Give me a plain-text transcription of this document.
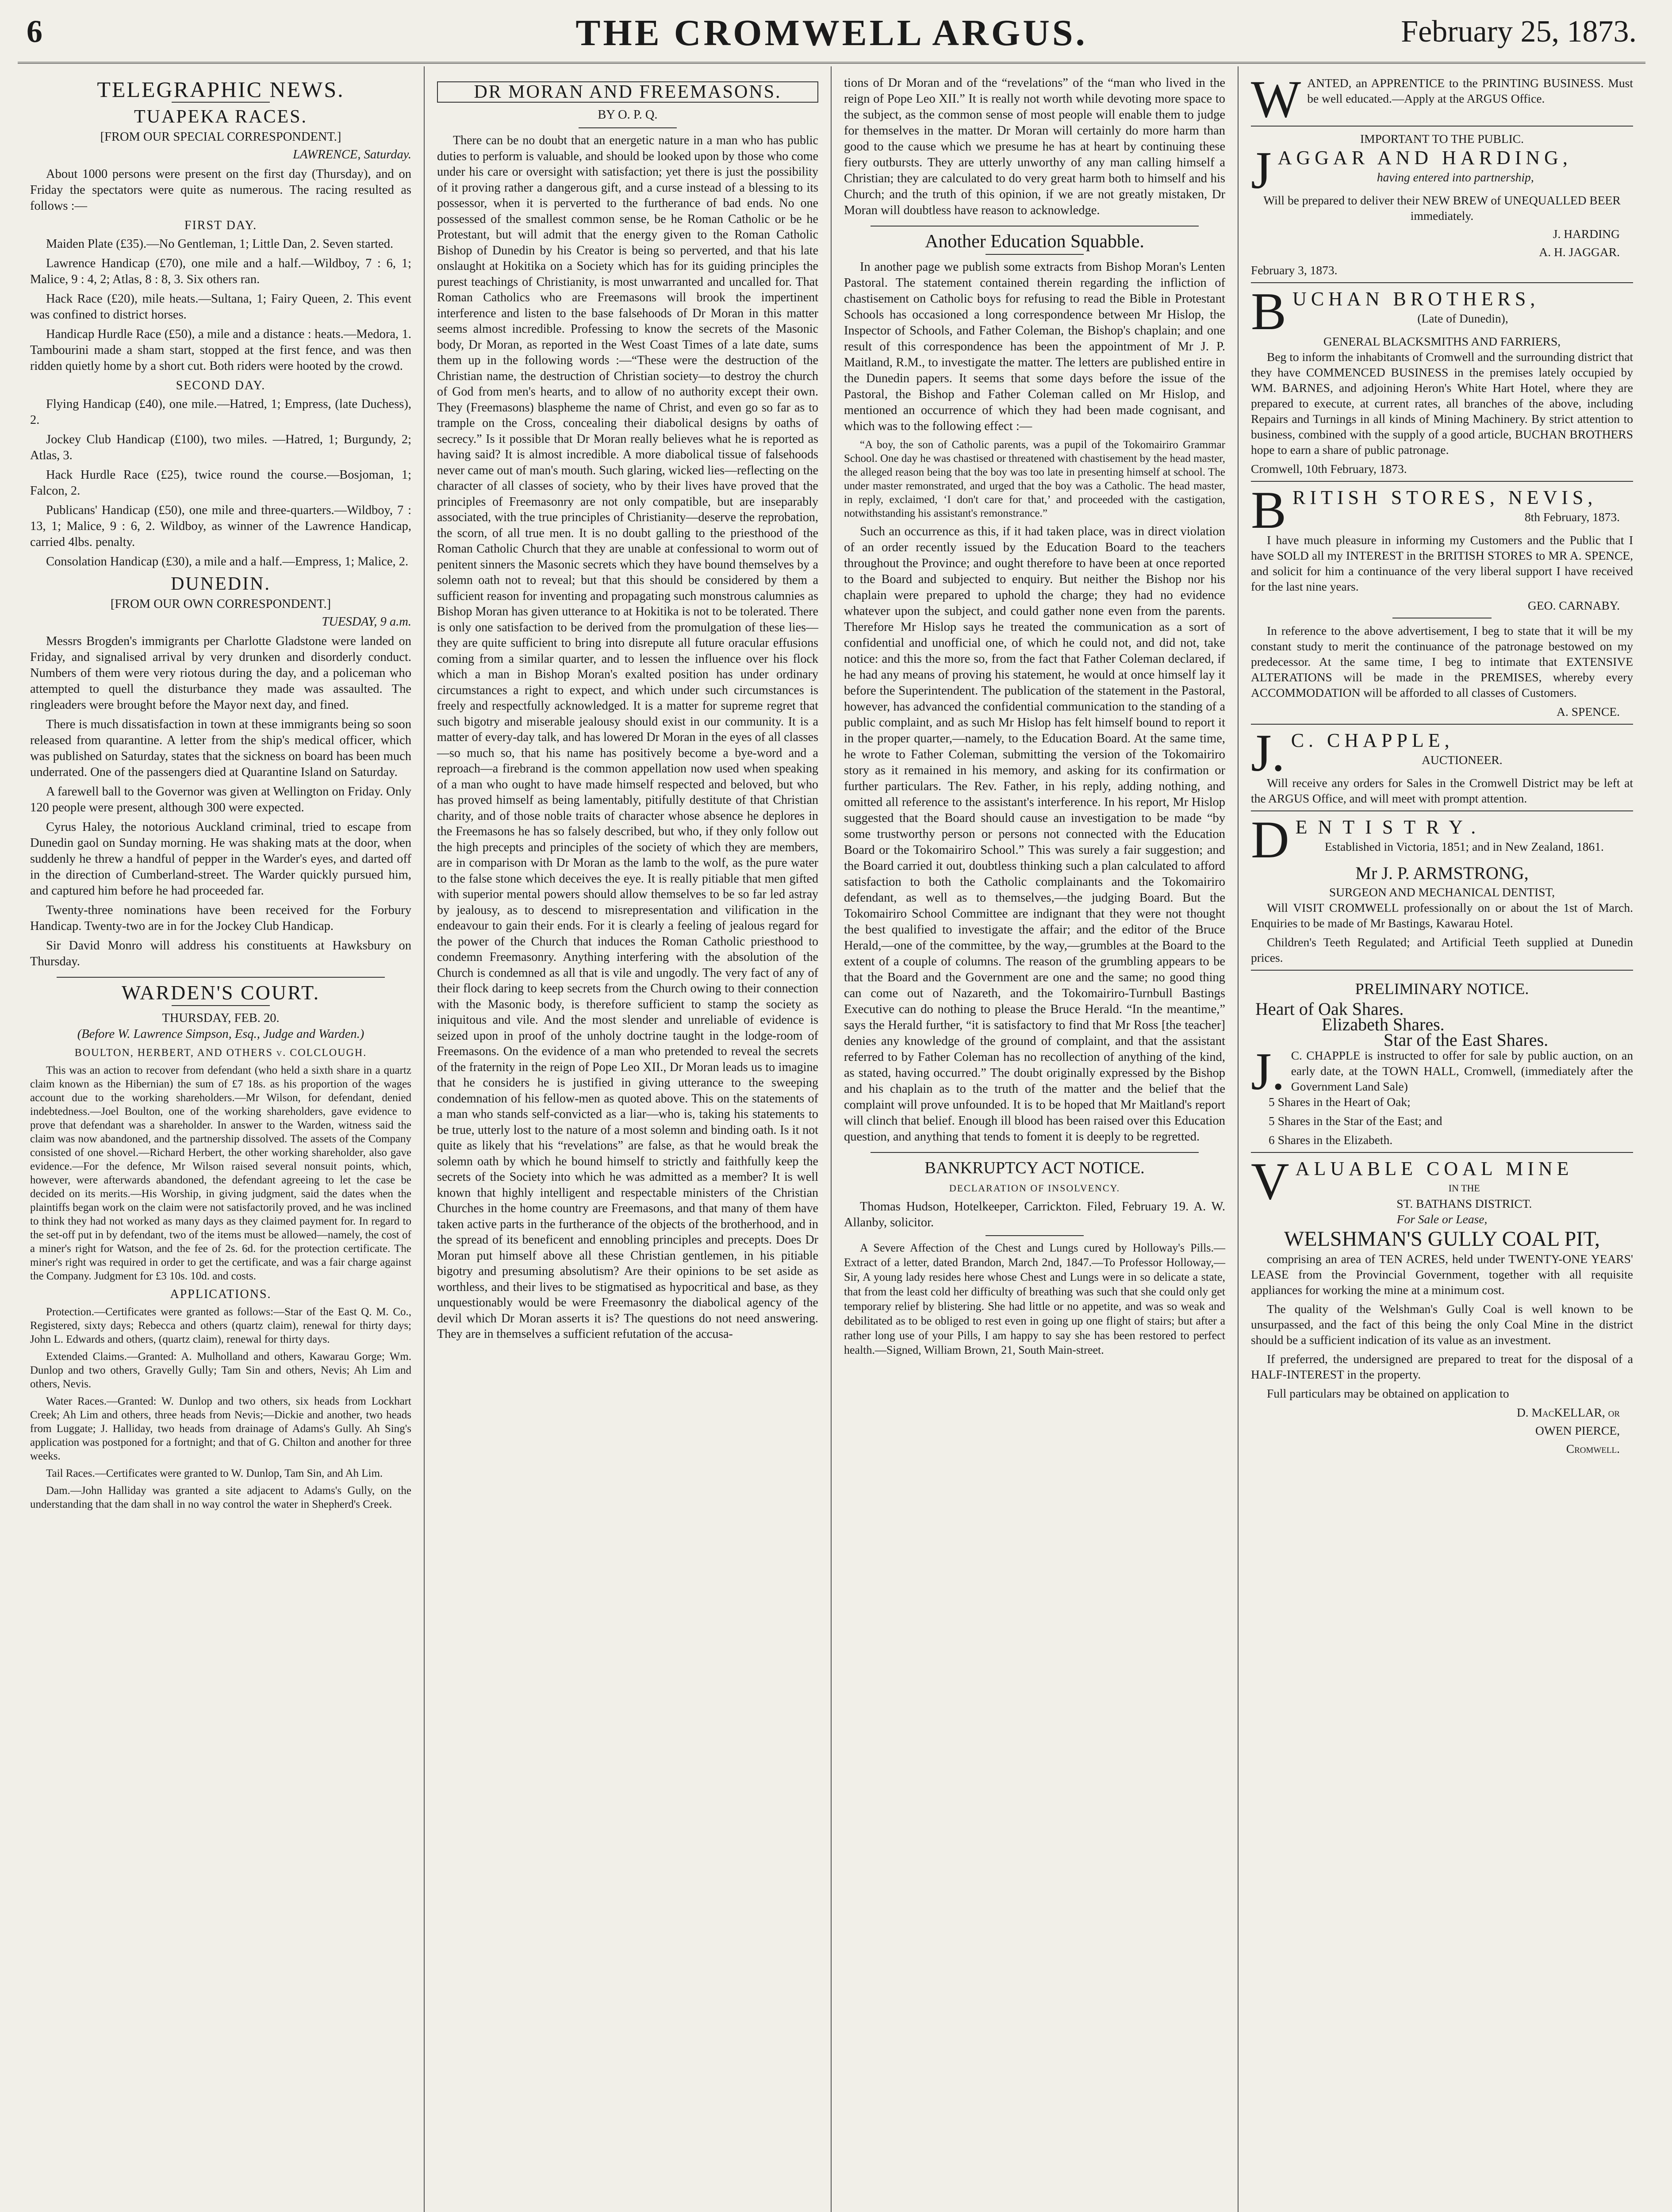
6	THE CROMWELL ARGUS.	February 25, 1873.
TELEGRAPHIC NEWS.
TUAPEKA RACES.
[FROM OUR SPECIAL CORRESPONDENT.]
LAWRENCE, Saturday.

About 1000 persons were present on the first day (Thursday), and on Friday the spectators were quite as numerous. The racing resulted as follows :—

FIRST DAY.

Maiden Plate (£35).—No Gentleman, 1; Little Dan, 2. Seven started.

Lawrence Handicap (£70), one mile and a half.—Wildboy, 7 : 6, 1; Malice, 9 : 4, 2; Atlas, 8 : 8, 3. Six others ran.

Hack Race (£20), mile heats.—Sultana, 1; Fairy Queen, 2. This event was confined to district horses.

Handicap Hurdle Race (£50), a mile and a distance : heats.—Medora, 1. Tambourini made a sham start, stopped at the first fence, and was then ridden quietly home by a short cut. Both riders were hooted by the crowd.

SECOND DAY.

Flying Handicap (£40), one mile.—Hatred, 1; Empress, (late Duchess), 2.

Jockey Club Handicap (£100), two miles. —Hatred, 1; Burgundy, 2; Atlas, 3.

Hack Hurdle Race (£25), twice round the course.—Bosjoman, 1; Falcon, 2.

Publicans' Handicap (£50), one mile and three-quarters.—Wildboy, 7 : 13, 1; Malice, 9 : 6, 2. Wildboy, as winner of the Lawrence Handicap, carried 4lbs. penalty.

Consolation Handicap (£30), a mile and a half.—Empress, 1; Malice, 2.

DUNEDIN.
[FROM OUR OWN CORRESPONDENT.]
TUESDAY, 9 a.m.

Messrs Brogden's immigrants per Charlotte Gladstone were landed on Friday, and signalised arrival by very drunken and disorderly conduct. Numbers of them were very riotous during the day, and a policeman who attempted to quell the disturbance they made was assaulted. The ringleaders were brought before the Mayor next day, and fined.

There is much dissatisfaction in town at these immigrants being so soon released from quarantine. A letter from the ship's medical officer, which was published on Saturday, states that the sickness on board has been much underrated. One of the passengers died at Quarantine Island on Saturday.

A farewell ball to the Governor was given at Wellington on Friday. Only 120 people were present, although 300 were expected.

Cyrus Haley, the notorious Auckland criminal, tried to escape from Dunedin gaol on Sunday morning. He was shaking mats at the door, when suddenly he threw a handful of pepper in the Warder's eyes, and darted off in the direction of Cumberland-street. The Warder quickly pursued him, and captured him before he had proceeded far.

Twenty-three nominations have been received for the Forbury Handicap. Twenty-two are in for the Jockey Club Handicap.

Sir David Monro will address his constituents at Hawksbury on Thursday.

WARDEN'S COURT.
THURSDAY, FEB. 20.
(Before W. Lawrence Simpson, Esq., Judge and Warden.)
BOULTON, HERBERT, AND OTHERS v. COLCLOUGH.

This was an action to recover from defendant (who held a sixth share in a quartz claim known as the Hibernian) the sum of £7 18s. as his proportion of the wages account due to the working shareholders.—Mr Wilson, for defendant, denied indebtedness.—Joel Boulton, one of the working shareholders, gave evidence to prove that defendant was a shareholder. In answer to the Warden, witness said the claim was now abandoned, and the partnership dissolved. The assets of the Company consisted of one shovel.—Richard Herbert, the other working shareholder, also gave evidence.—For the defence, Mr Wilson raised several nonsuit points, which, however, were afterwards abandoned, the defendant agreeing to let the case be decided on its merits.—His Worship, in giving judgment, said the dates when the plaintiffs began work on the claim were not satisfactorily proved, and he was inclined to think they had not worked as many days as they claimed payment for. In regard to the set-off put in by defendant, two of the items must be allowed—namely, the cost of a miner's right for Watson, and the fee of 2s. 6d. for the protection certificate. The miner's right was required in order to get the certificate, and was a fair charge against the Company. Judgment for £3 10s. 10d. and costs.

APPLICATIONS.

Protection.—Certificates were granted as follows:—Star of the East Q. M. Co., Registered, sixty days; Rebecca and others (quartz claim), renewal for thirty days; John L. Edwards and others, (quartz claim), renewal for thirty days.

Extended Claims.—Granted: A. Mulholland and others, Kawarau Gorge; Wm. Dunlop and two others, Gravelly Gully; Tam Sin and others, Nevis; Ah Lim and others, Nevis.

Water Races.—Granted: W. Dunlop and two others, six heads from Lockhart Creek; Ah Lim and others, three heads from Nevis;—Dickie and another, two heads from Luggate; J. Halliday, two heads from drainage of Adams's Gully. Ah Sing's application was postponed for a fortnight; and that of G. Chilton and another for three weeks.

Tail Races.—Certificates were granted to W. Dunlop, Tam Sin, and Ah Lim.

Dam.—John Halliday was granted a site adjacent to Adams's Gully, on the understanding that the dam shall in no way control the water in Shepherd's Creek.

DR MORAN AND FREEMASONS.
BY O. P. Q.

There can be no doubt that an energetic nature in a man who has public duties to perform is valuable, and should be looked upon by those who come under his care or oversight with satisfaction; yet there is just the possibility of it proving rather a dangerous gift, and a curse instead of a blessing to its possessor, when it is perverted to the furtherance of bad ends. No one possessed of the smallest common sense, be he Roman Catholic or be he Protestant, but will admit that the energy given to the Roman Catholic Bishop of Dunedin by his Creator is being so perverted, and that his late onslaught at Hokitika on a Society which has for its guiding principles the purest teachings of Christianity, is most unwarranted and uncalled for. That Roman Catholics who are Freemasons will brook the impertinent interference and listen to the base falsehoods of Dr Moran in this matter seems almost incredible. Professing to know the secrets of the Masonic body, Dr Moran, as reported in the West Coast Times of a late date, sums them up in the following words :—“These were the destruction of the Christian name, the destruction of Christian society—to destroy the church of God from men's hearts, and to allow of no authority except their own. They (Freemasons) blaspheme the name of Christ, and even go so far as to trample on the Cross, concealing their diabolical designs by oaths of secrecy.” Is it possible that Dr Moran really believes what he is reported as having said? It is almost incredible. A more diabolical tissue of falsehoods never came out of man's mouth. Such glaring, wicked lies—reflecting on the character of all classes of society, who by their lives have proved that the principles of Freemasonry are not only compatible, but are inseparably associated, with the true principles of Christianity—deserve the reprobation, the scorn, of all true men. It is no doubt galling to the priesthood of the Roman Catholic Church that they are unable at confessional to worm out of penitent sinners the Masonic secrets which they have bound themselves by a solemn oath not to reveal; but that this should be considered by them a sufficient reason for inventing and propagating such monstrous calumnies as Bishop Moran has given utterance to at Hokitika is not to be tolerated. There is only one satisfaction to be derived from the promulgation of these lies—they are quite sufficient to bring into disrepute all future oracular effusions coming from a similar quarter, and to lessen the influence over his flock which a man in Bishop Moran's exalted position has under ordinary circumstances a right to expect, and which under such circumstances is freely and respectfully acknowledged. It is a matter for supreme regret that such bigotry and miserable jealousy should exist in our community. It is a matter of every-day talk, and has lowered Dr Moran in the eyes of all classes—so much so, that his name has positively become a bye-word and a reproach—a firebrand is the common appellation now used when speaking of a man who ought to have made himself respected and beloved, but who has proved himself as being lamentably, pitifully destitute of that Christian charity, and of those noble traits of character whose absence he deplores in the Freemasons he has so falsely described, but who, if they only follow out the high precepts and principles of the society of which they are members, are in comparison with Dr Moran as the lamb to the wolf, as the pure water to the false stone which deceives the eye. It is really pitiable that men gifted with superior mental powers should allow themselves to be so far led astray by jealousy, as to descend to misrepresentation and vilification in the endeavour to gain their ends. For it is clearly a feeling of jealous regard for the power of the Church that induces the Roman Catholic priesthood to condemn Freemasonry. Anything interfering with the absolution of the Church is condemned as all that is vile and ungodly. The very fact of any of their flock daring to keep secrets from the Church owing to their connection with the Masonic body, is therefore sufficient to stamp the society as iniquitous and vile. And the most slender and unreliable of evidence is seized upon in proof of the unholy doctrine taught in the lodge-room of Freemasons. On the evidence of a man who pretended to reveal the secrets of the fraternity in the reign of Pope Leo XII., Dr Moran leads us to imagine that he considers he is justified in giving utterance to the sweeping condemnation of his fellow-men as quoted above. This on the statements of a man who stands self-convicted as a liar—who is, taking his statements to be true, utterly lost to the nature of a most solemn and binding oath. Is it not quite as likely that his “revelations” are false, as that he would break the solemn oath by which he bound himself to strictly and faithfully keep the secrets of the Society into which he was admitted as a member? It is well known that highly intelligent and respectable ministers of the Christian Churches in the home country are Freemasons, and that many of them have taken active parts in the furtherance of the objects of the brotherhood, and in the spread of its beneficent and ennobling principles and precepts. Does Dr Moran put himself above all these Christian gentlemen, in his pitiable bigotry and presuming absolutism? Are their opinions to be set aside as worthless, and their lives to be stigmatised as hypocritical and base, as they unquestionably would be were Freemasonry the diabolical agency of the devil which Dr Moran asserts it is? The questions do not need answering. They are in themselves a sufficient refutation of the accusa-

tions of Dr Moran and of the “revelations” of the “man who lived in the reign of Pope Leo XII.” It is really not worth while devoting more space to the subject, as the common sense of most people will enable them to judge for themselves in the matter. Dr Moran will certainly do more harm than good to the cause which we presume he has at heart by continuing these fiery outbursts. They are utterly unworthy of any man calling himself a Christian; they are calculated to do very great harm both to himself and his Church; and the truth of this opinion, if we are not greatly mistaken, Dr Moran will doubtless have reason to acknowledge.

Another Education Squabble.

In another page we publish some extracts from Bishop Moran's Lenten Pastoral. The statement contained therein regarding the infliction of chastisement on Catholic boys for refusing to read the Bible in Protestant Schools has occasioned a long correspondence between Mr Hislop, the Inspector of Schools, and Father Coleman, the Bishop's chaplain; and one result of this correspondence has been the appointment of Mr J. P. Maitland, R.M., to investigate the matter. The letters are published entire in the Dunedin papers. It seems that some days before the issue of the Pastoral, the Bishop and Father Coleman called on Mr Hislop, and mentioned an occurrence of which they had been made cognisant, and which was to the following effect :—

“A boy, the son of Catholic parents, was a pupil of the Tokomairiro Grammar School. One day he was chastised or threatened with chastisement by the head master, the alleged reason being that the boy was too late in presenting himself at school. The under master remonstrated, and urged that the boy was a Catholic. The head master, in reply, exclaimed, ‘I don't care for that,’ and proceeded with the castigation, notwithstanding his assistant's remonstrance.”

Such an occurrence as this, if it had taken place, was in direct violation of an order recently issued by the Education Board to the teachers throughout the Province; and ought therefore to have been at once reported to the Board and subjected to enquiry. But neither the Bishop nor his chaplain were prepared to uphold the charge; they had no evidence whatever upon the subject, and could gather none even from the parents. Therefore Mr Hislop says he treated the communication as a sort of confidential and unofficial one, of which he could not, and did not, take notice: and this the more so, from the fact that Father Coleman declared, if he had any means of proving his statement, he would at once himself lay it before the Superintendent. The publication of the statement in the Pastoral, however, has advanced the confidential communication to the standing of a public complaint, and as such Mr Hislop has felt himself bound to report it in the proper quarter,—namely, to the Education Board. At the same time, he wrote to Father Coleman, submitting the version of the Tokomairiro story as it remained in his memory, and asking for its confirmation or further particulars. The Rev. Father, in his reply, adding nothing, and omitted all reference to the assistant's interference. In his report, Mr Hislop suggested that the Board should cause an investigation to be made “by some trustworthy person or persons not connected with the Education Board or the Tokomairiro School.” This was surely a fair suggestion; and the Board carried it out, doubtless thinking such a plan calculated to afford satisfaction to both the Catholic complainants and the Tokomairiro defendant, as well as to themselves,—the judging Board. But the Tokomairiro School Committee are indignant that they were not thought the best qualified to investigate the affair; and the editor of the Bruce Herald,—one of the committee, by the way,—grumbles at the Board to the extent of a couple of columns. The reason of the grumbling appears to be that the Board and the Government are one and the same; no good thing can come out of Nazareth, and the Tokomairiro-Turnbull Bastings Executive can do nothing to please the Bruce Herald. “In the meantime,” says the Herald further, “it is satisfactory to find that Mr Ross [the teacher] denies any knowledge of the ground of complaint, and that the assistant referred to by Father Coleman has no recollection of anything of the kind, as stated, having occurred.” The doubt originally expressed by the Bishop and his chaplain as to the truth of the matter and the belief that the complaint will prove unfounded. It is to be hoped that Mr Maitland's report will clinch that belief. Enough ill blood has been raised over this Education question, and anything that tends to foment it is deeply to be regretted.

BANKRUPTCY ACT NOTICE.
DECLARATION OF INSOLVENCY.

Thomas Hudson, Hotelkeeper, Carrickton. Filed, February 19. A. W. Allanby, solicitor.

A Severe Affection of the Chest and Lungs cured by Holloway's Pills.—Extract of a letter, dated Brandon, March 2nd, 1847.—To Professor Holloway,—Sir, A young lady resides here whose Chest and Lungs were in so delicate a state, that from the least cold her difficulty of breathing was such that she could only get temporary relief by blistering. She had little or no appetite, and was so weak and debilitated as to be obliged to rest even in going up one flight of stairs; but after a rather long use of your Pills, I am happy to say she has been restored to perfect health.—Signed, William Brown, 21, South Main-street.

W ANTED, an APPRENTICE to the PRINTING BUSINESS. Must be well educated.—Apply at the ARGUS Office.
IMPORTANT TO THE PUBLIC.
J AGGAR AND HARDING,
having entered into partnership,
Will be prepared to deliver their NEW BREW of UNEQUALLED BEER immediately.
J. HARDING
A. H. JAGGAR.
February 3, 1873.
B UCHAN BROTHERS,
(Late of Dunedin),
GENERAL BLACKSMITHS AND FARRIERS,

Beg to inform the inhabitants of Cromwell and the surrounding district that they have COMMENCED BUSINESS in the premises lately occupied by WM. BARNES, and adjoining Heron's White Hart Hotel, where they are prepared to execute, at current rates, all branches of the above, including Repairs and Turnings in all kinds of Mining Machinery. By strict attention to business, combined with the supply of a good article, BUCHAN BROTHERS hope to earn a share of public patronage.

Cromwell, 10th February, 1873.
B RITISH STORES, NEVIS,
8th February, 1873.

I have much pleasure in informing my Customers and the Public that I have SOLD all my INTEREST in the BRITISH STORES to MR A. SPENCE, and solicit for him a continuance of the very liberal support I have received for the last nine years.

GEO. CARNABY.

In reference to the above advertisement, I beg to state that it will be my constant study to merit the continuance of the patronage bestowed on my predecessor. At the same time, I beg to intimate that EXTENSIVE ALTERATIONS will be made in the PREMISES, whereby every ACCOMMODATION will be afforded to all classes of Customers.

A. SPENCE.
J. C. CHAPPLE,
AUCTIONEER.

Will receive any orders for Sales in the Cromwell District may be left at the ARGUS Office, and will meet with prompt attention.

D ENTISTRY.
Established in Victoria, 1851; and in New Zealand, 1861.
Mr J. P. ARMSTRONG,
SURGEON AND MECHANICAL DENTIST,

Will VISIT CROMWELL professionally on or about the 1st of March. Enquiries to be made of Mr Bastings, Kawarau Hotel.

Children's Teeth Regulated; and Artificial Teeth supplied at Dunedin prices.

PRELIMINARY NOTICE.
Heart of Oak Shares.
Elizabeth Shares.
Star of the East Shares.
J. C. CHAPPLE is instructed to offer for sale by public auction, on an early date, at the TOWN HALL, Cromwell, (immediately after the Government Land Sale)

5 Shares in the Heart of Oak;

5 Shares in the Star of the East; and

6 Shares in the Elizabeth.

V ALUABLE COAL MINE
IN THE
ST. BATHANS DISTRICT.
For Sale or Lease,
WELSHMAN'S GULLY COAL PIT,

comprising an area of TEN ACRES, held under TWENTY-ONE YEARS' LEASE from the Provincial Government, together with all requisite appliances for working the mine at a minimum cost.

The quality of the Welshman's Gully Coal is well known to be unsurpassed, and the fact of this being the only Coal Mine in the district should be a sufficient indication of its value as an investment.

If preferred, the undersigned are prepared to treat for the disposal of a HALF-INTEREST in the property.

Full particulars may be obtained on application to

D. MacKELLAR, or
OWEN PIERCE,
Cromwell.
